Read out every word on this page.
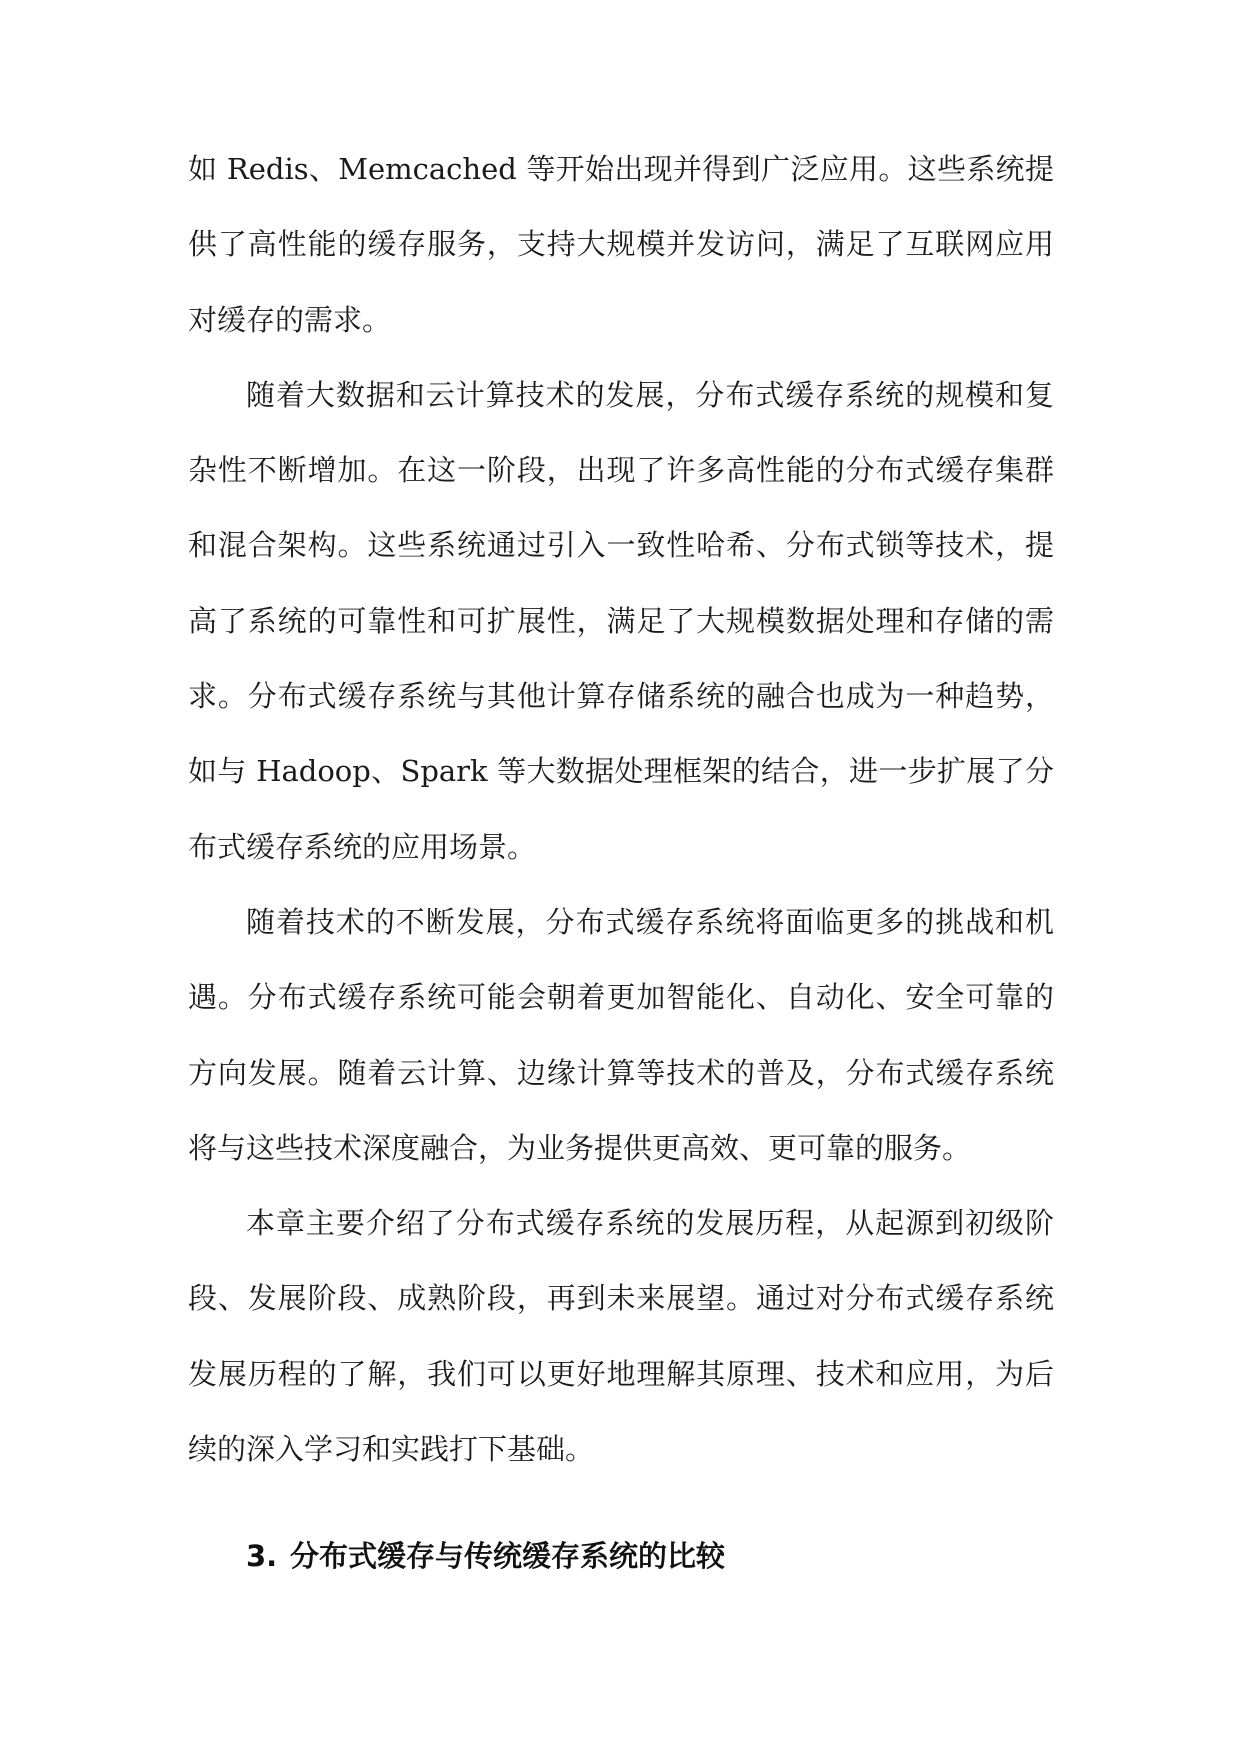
如 Redis、Memcached 等开始出现并得到广泛应用。这些系统提供了高性能的缓存服务，支持大规模并发访问，满足了互联网应用对缓存的需求。

随着大数据和云计算技术的发展，分布式缓存系统的规模和复杂性不断增加。在这一阶段，出现了许多高性能的分布式缓存集群和混合架构。这些系统通过引入一致性哈希、分布式锁等技术，提高了系统的可靠性和可扩展性，满足了大规模数据处理和存储的需求。分布式缓存系统与其他计算存储系统的融合也成为一种趋势，如与 Hadoop、Spark 等大数据处理框架的结合，进一步扩展了分布式缓存系统的应用场景。

随着技术的不断发展，分布式缓存系统将面临更多的挑战和机遇。分布式缓存系统可能会朝着更加智能化、自动化、安全可靠的方向发展。随着云计算、边缘计算等技术的普及，分布式缓存系统将与这些技术深度融合，为业务提供更高效、更可靠的服务。

本章主要介绍了分布式缓存系统的发展历程，从起源到初级阶段、发展阶段、成熟阶段，再到未来展望。通过对分布式缓存系统发展历程的了解，我们可以更好地理解其原理、技术和应用，为后续的深入学习和实践打下基础。

3. 分布式缓存与传统缓存系统的比较
